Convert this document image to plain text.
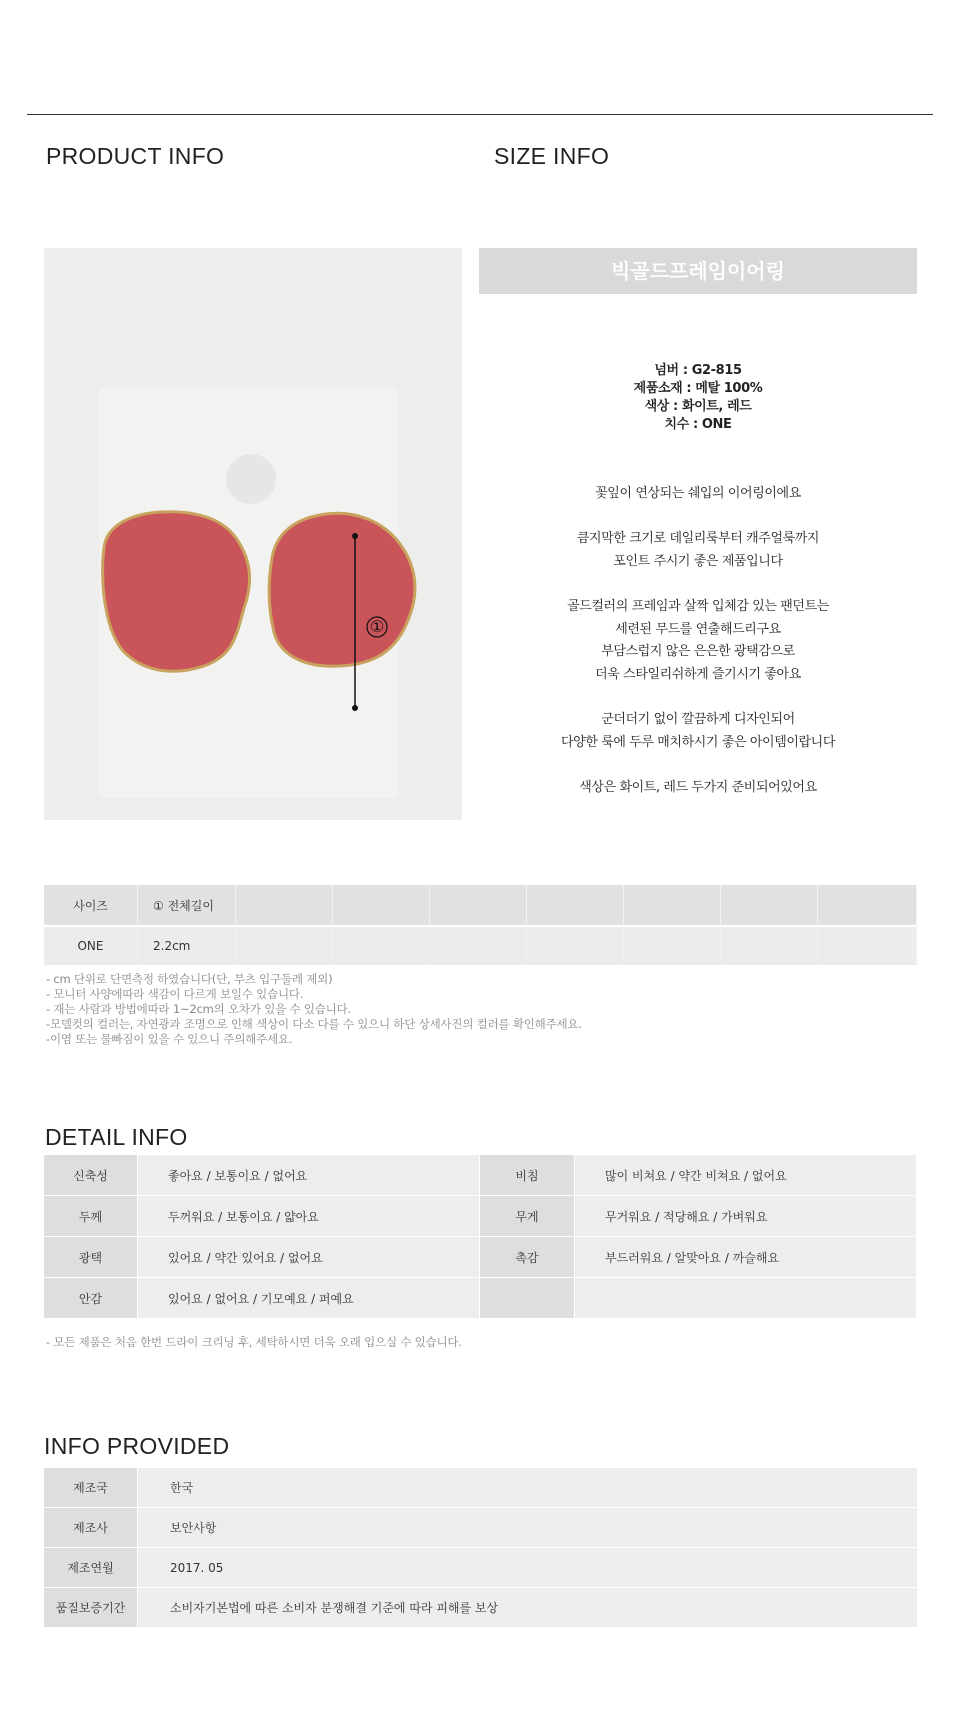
PRODUCT INFO	SIZE INFO
①
빅골드프레임이어링
넘버 : G2-815
제품소재 : 메탈 100%
색상 : 화이트, 레드
치수 : ONE

꽃잎이 연상되는 쉐입의 이어링이에요

큼지막한 크기로 데일리룩부터 캐주얼룩까지

포인트 주시기 좋은 제품입니다

골드컬러의 프레임과 살짝 입체감 있는 팬던트는

세련된 무드를 연출해드리구요

부담스럽지 않은 은은한 광택감으로

더욱 스타일리쉬하게 즐기시기 좋아요

군더더기 없이 깔끔하게 디자인되어

다양한 룩에 두루 매치하시기 좋은 아이템이랍니다

색상은 화이트, 레드 두가지 준비되어있어요

사이즈	① 전체길이							
ONE	2.2cm							
- cm 단위로 단면측정 하였습니다(단, 부츠 입구둘레 제외)
- 모니터 사양에따라 색감이 다르게 보일수 있습니다.
- 재는 사람과 방법에따라 1~2cm의 오차가 있을 수 있습니다.
-모델컷의 컬러는, 자연광과 조명으로 인해 색상이 다소 다를 수 있으니 하단 상세사진의 컬러를 확인해주세요.
-이염 또는 물빠짐이 있을 수 있으니 주의해주세요.
DETAIL INFO
신축성	좋아요 / 보통이요 / 없어요	비침	많이 비쳐요 / 약간 비쳐요 / 없어요
두께	두꺼워요 / 보통이요 / 얇아요	무게	무거워요 / 적당해요 / 가벼워요
광택	있어요 / 약간 있어요 / 없어요	촉감	부드러워요 / 알맞아요 / 까슬해요
안감	있어요 / 없어요 / 기모예요 / 퍼예요		
- 모든 제품은 처음 한번 드라이 크리닝 후, 세탁하시면 더욱 오래 입으실 수 있습니다.
INFO PROVIDED
제조국	한국
제조사	보안사항
제조연월	2017. 05
품질보증기간	소비자기본법에 따른 소비자 분쟁해결 기준에 따라 피해를 보상
